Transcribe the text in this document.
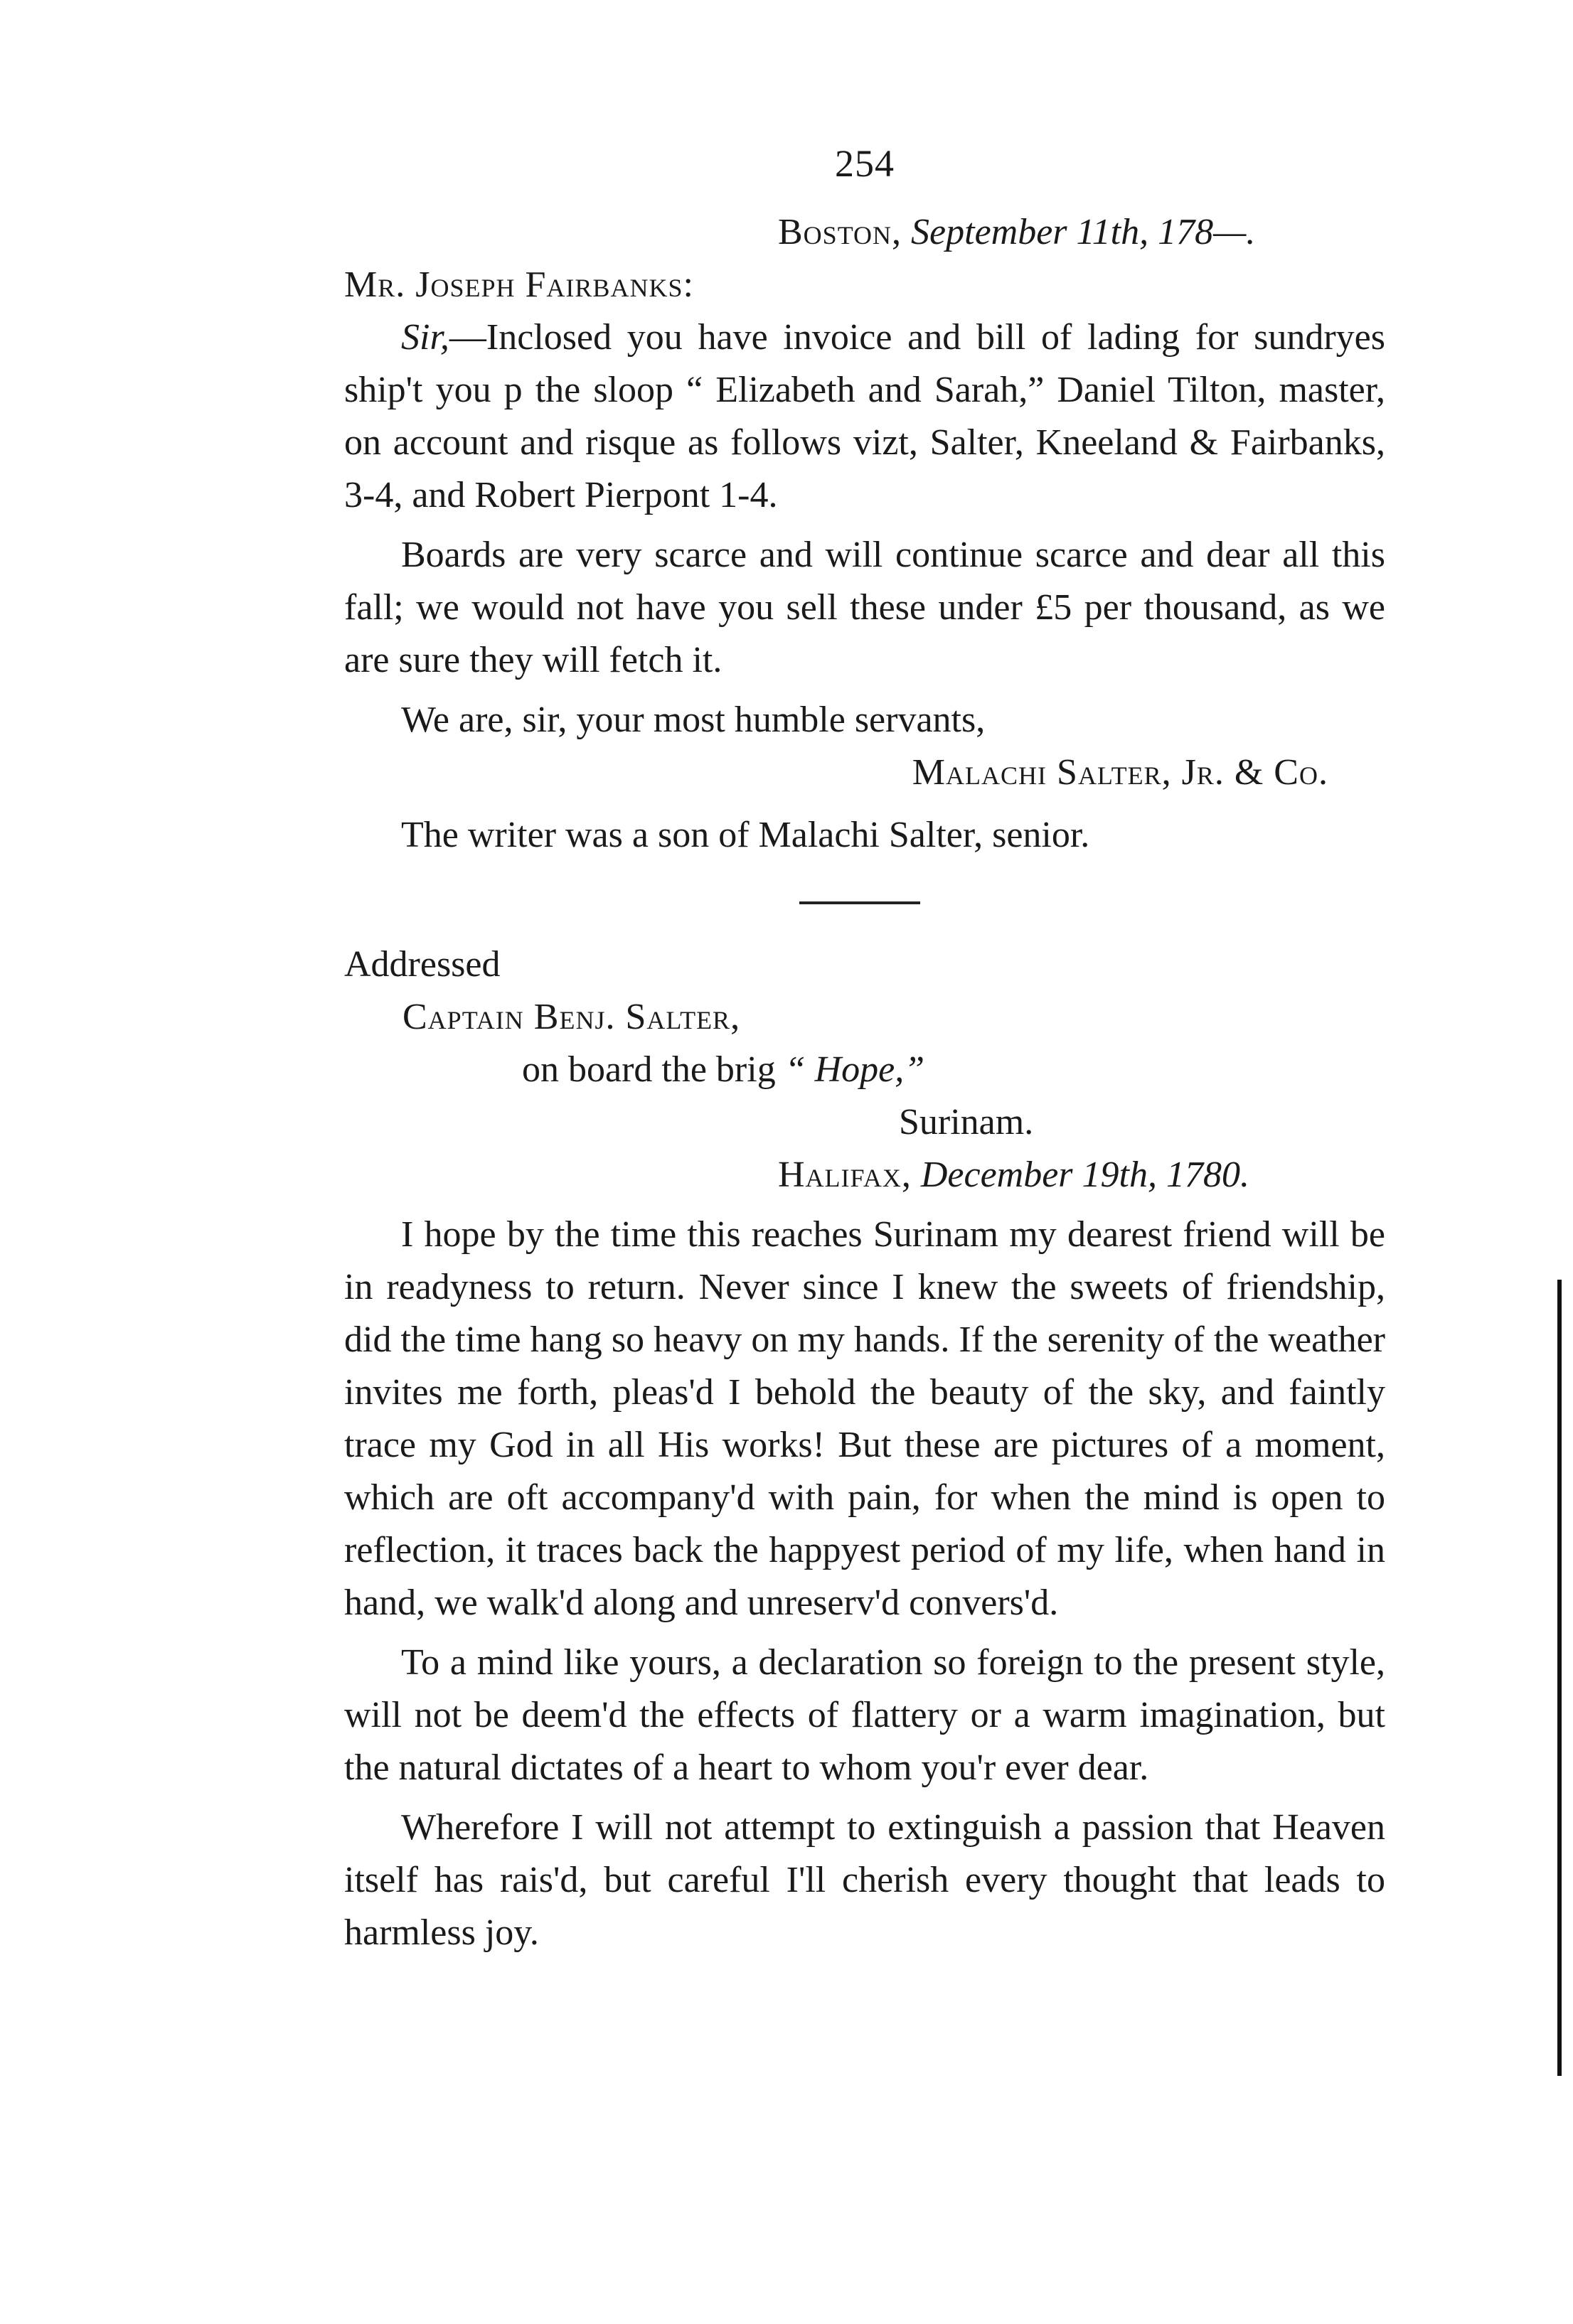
254
Boston, September 11th, 178—.
Mr. Joseph Fairbanks:

Sir,—Inclosed you have invoice and bill of lading for sundryes ship't you p the sloop “ Elizabeth and Sarah,” Daniel Tilton, master, on account and risque as follows vizt, Salter, Kneeland & Fairbanks, 3-4, and Robert Pierpont 1-4.

Boards are very scarce and will continue scarce and dear all this fall; we would not have you sell these under £5 per thousand, as we are sure they will fetch it.

We are, sir, your most humble servants,

Malachi Salter, Jr. & Co.

The writer was a son of Malachi Salter, senior.

Addressed
Captain Benj. Salter,
on board the brig “ Hope,”
Surinam.
Halifax, December 19th, 1780.

I hope by the time this reaches Surinam my dearest friend will be in readyness to return. Never since I knew the sweets of friendship, did the time hang so heavy on my hands. If the serenity of the weather invites me forth, pleas'd I behold the beauty of the sky, and faintly trace my God in all His works! But these are pictures of a moment, which are oft accompany'd with pain, for when the mind is open to reflection, it traces back the happyest period of my life, when hand in hand, we walk'd along and unreserv'd convers'd.

To a mind like yours, a declaration so foreign to the present style, will not be deem'd the effects of flattery or a warm imagination, but the natural dictates of a heart to whom you'r ever dear.

Wherefore I will not attempt to extinguish a passion that Heaven itself has rais'd, but careful I'll cherish every thought that leads to harmless joy.
